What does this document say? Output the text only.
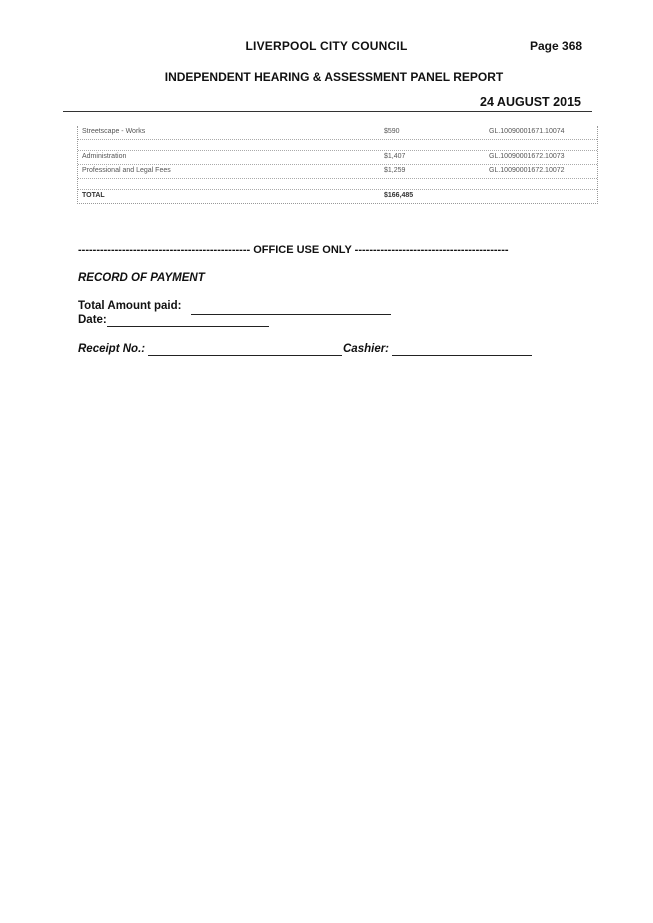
LIVERPOOL CITY COUNCIL	Page 368
INDEPENDENT HEARING & ASSESSMENT PANEL REPORT
24 AUGUST 2015
Streetscape - Works	$590	GL.10090001671.10074
Administration	$1,407	GL.10090001672.10073
Professional and Legal Fees	$1,259	GL.10090001672.10072
TOTAL	$166,485
----------------------------------------------- OFFICE USE ONLY ------------------------------------------
RECORD OF PAYMENT
Total Amount paid:
Date:
Receipt No.:	Cashier:
